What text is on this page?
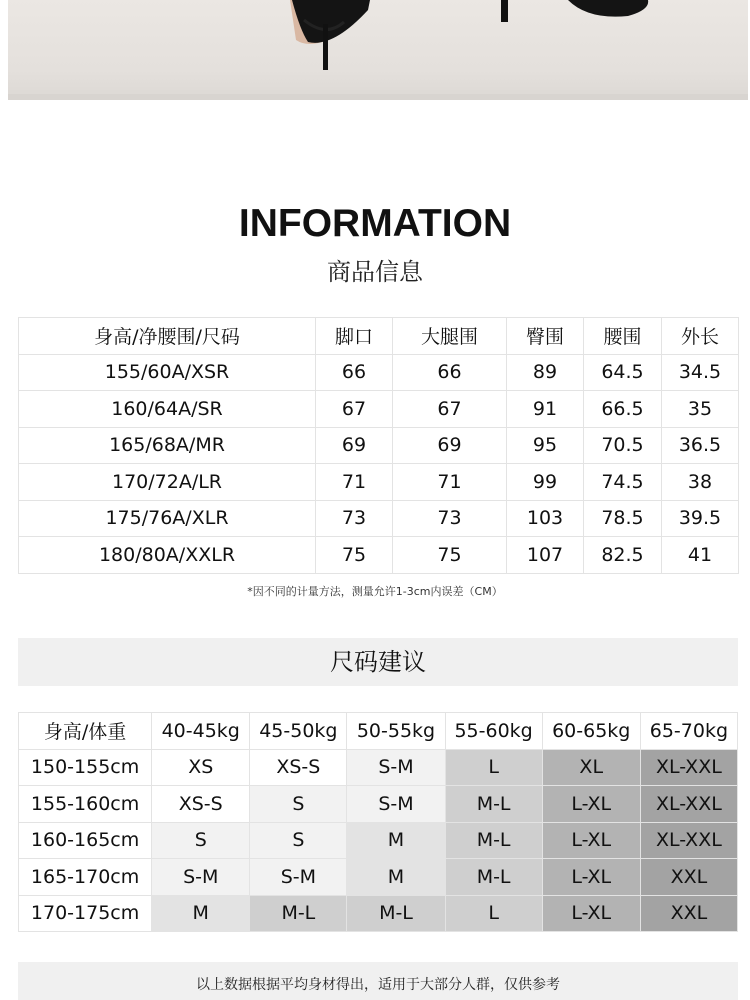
INFORMATION
商品信息
身高/净腰围/尺码	脚口	大腿围	臀围	腰围	外长
155/60A/XSR	66	66	89	64.5	34.5
160/64A/SR	67	67	91	66.5	35
165/68A/MR	69	69	95	70.5	36.5
170/72A/LR	71	71	99	74.5	38
175/76A/XLR	73	73	103	78.5	39.5
180/80A/XXLR	75	75	107	82.5	41
*因不同的计量方法，测量允许1-3cm内误差（CM）
尺码建议
身高/体重	40-45kg	45-50kg	50-55kg	55-60kg	60-65kg	65-70kg
150-155cm	XS	XS-S	S-M	L	XL	XL-XXL
155-160cm	XS-S	S	S-M	M-L	L-XL	XL-XXL
160-165cm	S	S	M	M-L	L-XL	XL-XXL
165-170cm	S-M	S-M	M	M-L	L-XL	XXL
170-175cm	M	M-L	M-L	L	L-XL	XXL
以上数据根据平均身材得出，适用于大部分人群，仅供参考
